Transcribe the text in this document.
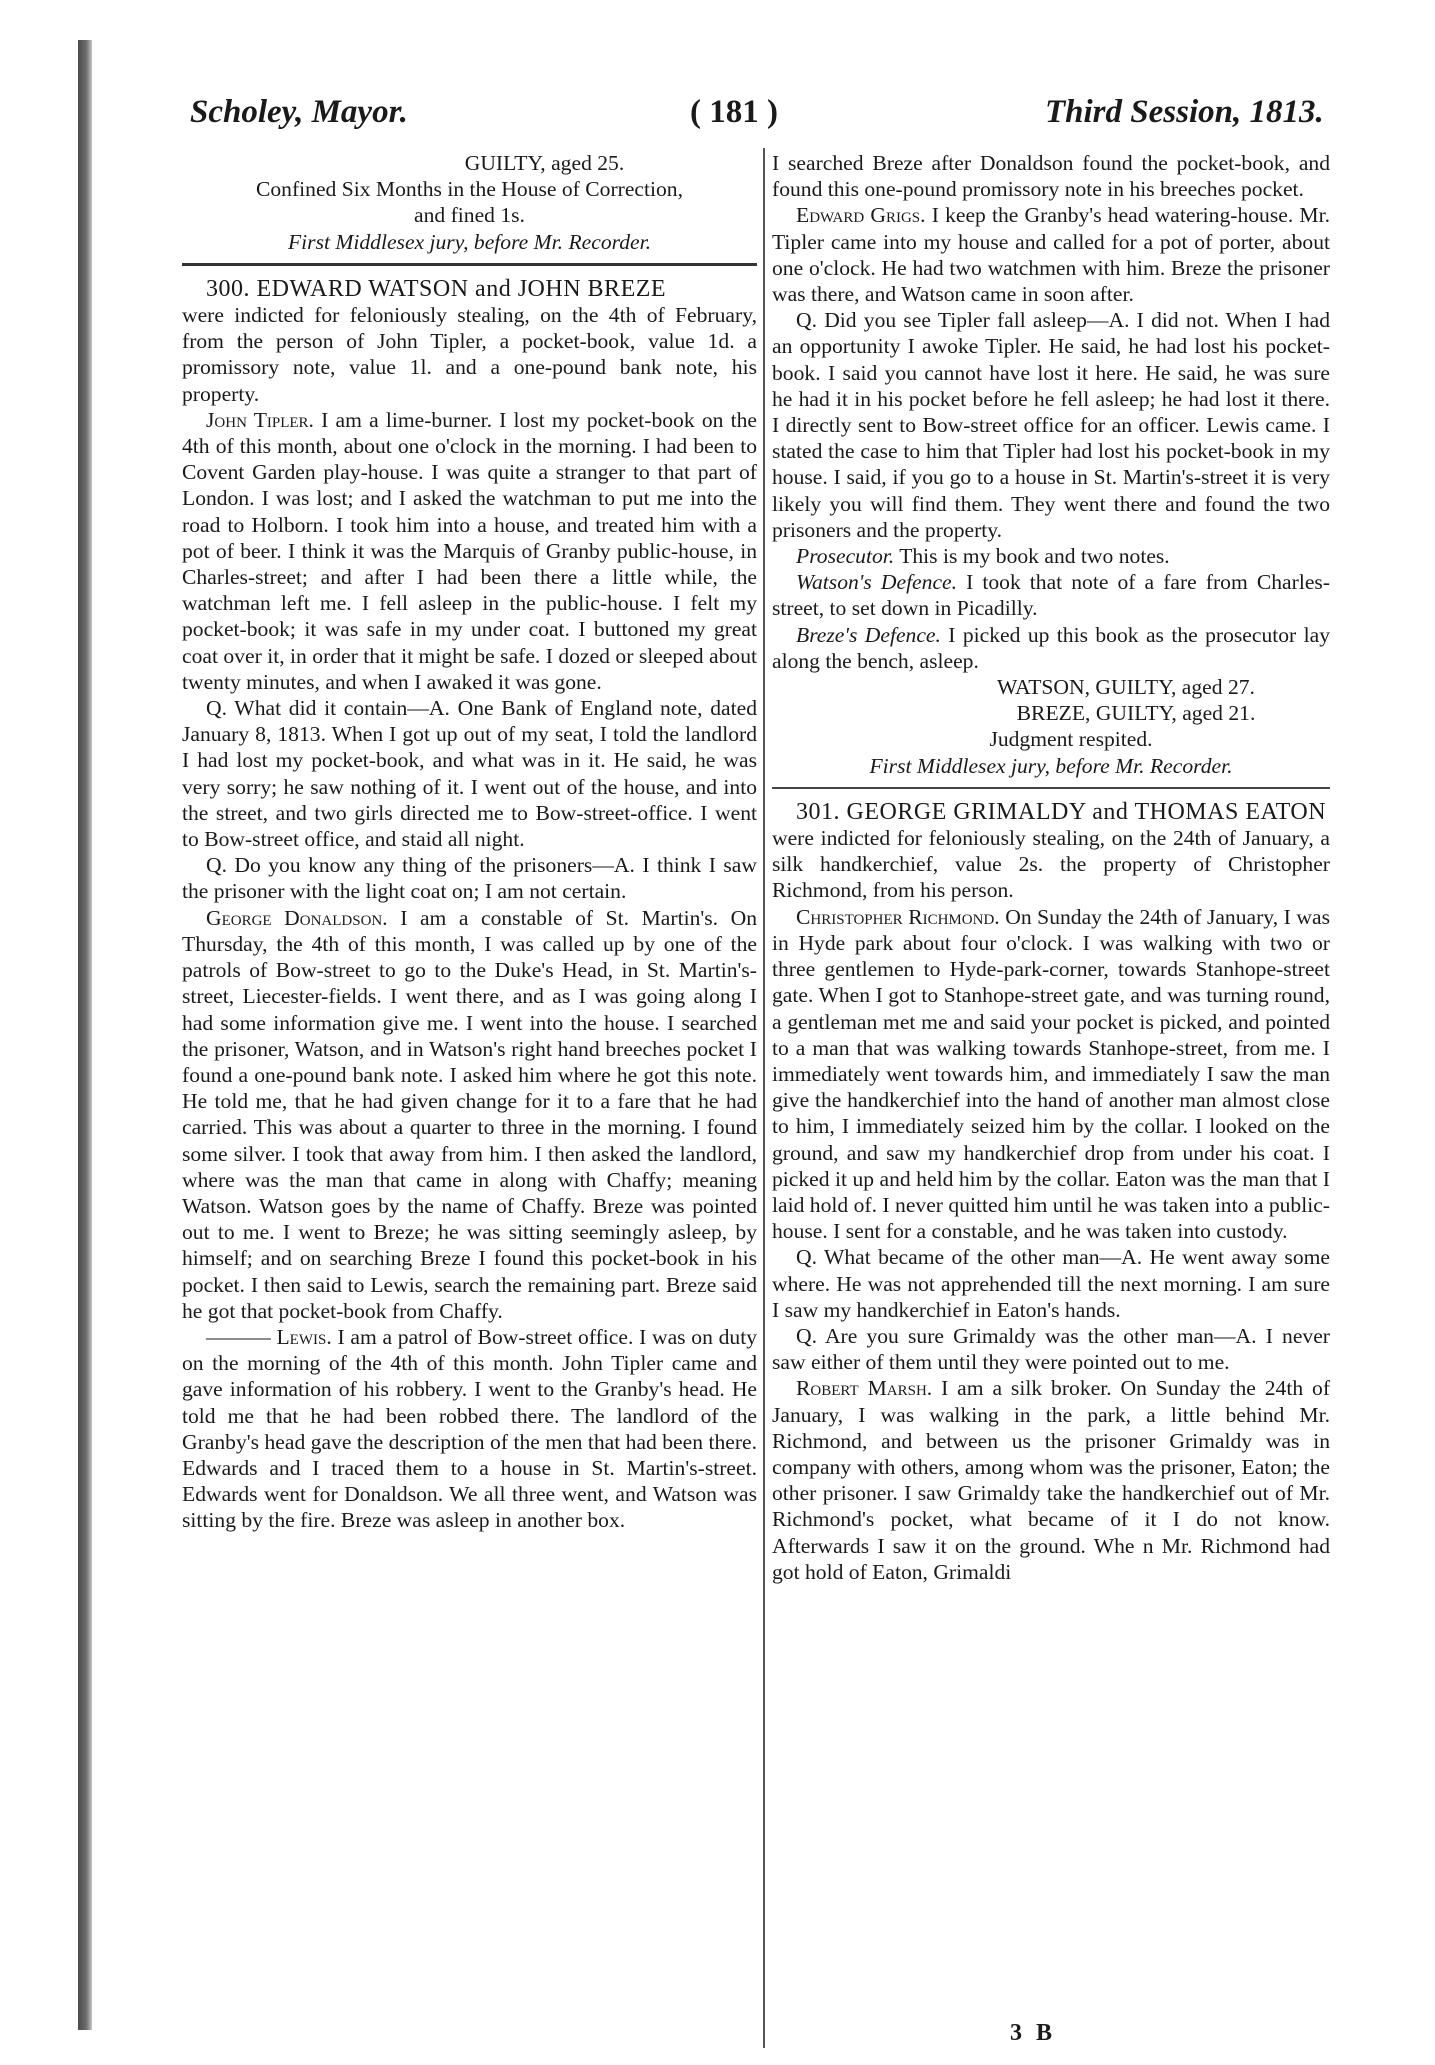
Scholey, Mayor.	( 181 )	Third Session, 1813.

GUILTY, aged 25.

Confined Six Months in the House of Correction,

and fined 1s.

First Middlesex jury, before Mr. Recorder.

300. EDWARD WATSON and JOHN BREZE

were indicted for feloniously stealing, on the 4th of February, from the person of John Tipler, a pocket-book, value 1d. a promissory note, value 1l. and a one-pound bank note, his property.

John Tipler. I am a lime-burner. I lost my pocket-book on the 4th of this month, about one o'clock in the morning. I had been to Covent Garden play-house. I was quite a stranger to that part of London. I was lost; and I asked the watchman to put me into the road to Holborn. I took him into a house, and treated him with a pot of beer. I think it was the Marquis of Granby public-house, in Charles-street; and after I had been there a little while, the watchman left me. I fell asleep in the public-house. I felt my pocket-book; it was safe in my under coat. I buttoned my great coat over it, in order that it might be safe. I dozed or sleeped about twenty minutes, and when I awaked it was gone.

Q. What did it contain—A. One Bank of England note, dated January 8, 1813. When I got up out of my seat, I told the landlord I had lost my pocket-book, and what was in it. He said, he was very sorry; he saw nothing of it. I went out of the house, and into the street, and two girls directed me to Bow-street-office. I went to Bow-street office, and staid all night.

Q. Do you know any thing of the prisoners—A. I think I saw the prisoner with the light coat on; I am not certain.

George Donaldson. I am a constable of St. Martin's. On Thursday, the 4th of this month, I was called up by one of the patrols of Bow-street to go to the Duke's Head, in St. Martin's-street, Liecester-fields. I went there, and as I was going along I had some information give me. I went into the house. I searched the prisoner, Watson, and in Watson's right hand breeches pocket I found a one-pound bank note. I asked him where he got this note. He told me, that he had given change for it to a fare that he had carried. This was about a quarter to three in the morning. I found some silver. I took that away from him. I then asked the landlord, where was the man that came in along with Chaffy; meaning Watson. Watson goes by the name of Chaffy. Breze was pointed out to me. I went to Breze; he was sitting seemingly asleep, by himself; and on searching Breze I found this pocket-book in his pocket. I then said to Lewis, search the remaining part. Breze said he got that pocket-book from Chaffy.

——— Lewis. I am a patrol of Bow-street office. I was on duty on the morning of the 4th of this month. John Tipler came and gave information of his robbery. I went to the Granby's head. He told me that he had been robbed there. The landlord of the Granby's head gave the description of the men that had been there. Edwards and I traced them to a house in St. Martin's-street. Edwards went for Donaldson. We all three went, and Watson was sitting by the fire. Breze was asleep in another box.

I searched Breze after Donaldson found the pocket-book, and found this one-pound promissory note in his breeches pocket.

Edward Grigs. I keep the Granby's head watering-house. Mr. Tipler came into my house and called for a pot of porter, about one o'clock. He had two watchmen with him. Breze the prisoner was there, and Watson came in soon after.

Q. Did you see Tipler fall asleep—A. I did not. When I had an opportunity I awoke Tipler. He said, he had lost his pocket-book. I said you cannot have lost it here. He said, he was sure he had it in his pocket before he fell asleep; he had lost it there. I directly sent to Bow-street office for an officer. Lewis came. I stated the case to him that Tipler had lost his pocket-book in my house. I said, if you go to a house in St. Martin's-street it is very likely you will find them. They went there and found the two prisoners and the property.

Prosecutor. This is my book and two notes.

Watson's Defence. I took that note of a fare from Charles-street, to set down in Picadilly.

Breze's Defence. I picked up this book as the prosecutor lay along the bench, asleep.

WATSON, GUILTY, aged 27.

BREZE, GUILTY, aged 21.

Judgment respited.

First Middlesex jury, before Mr. Recorder.

301. GEORGE GRIMALDY and THOMAS EATON

were indicted for feloniously stealing, on the 24th of January, a silk handkerchief, value 2s. the property of Christopher Richmond, from his person.

Christopher Richmond. On Sunday the 24th of January, I was in Hyde park about four o'clock. I was walking with two or three gentlemen to Hyde-park-corner, towards Stanhope-street gate. When I got to Stanhope-street gate, and was turning round, a gentleman met me and said your pocket is picked, and pointed to a man that was walking towards Stanhope-street, from me. I immediately went towards him, and immediately I saw the man give the handkerchief into the hand of another man almost close to him, I immediately seized him by the collar. I looked on the ground, and saw my handkerchief drop from under his coat. I picked it up and held him by the collar. Eaton was the man that I laid hold of. I never quitted him until he was taken into a public-house. I sent for a constable, and he was taken into custody.

Q. What became of the other man—A. He went away some where. He was not apprehended till the next morning. I am sure I saw my handkerchief in Eaton's hands.

Q. Are you sure Grimaldy was the other man—A. I never saw either of them until they were pointed out to me.

Robert Marsh. I am a silk broker. On Sunday the 24th of January, I was walking in the park, a little behind Mr. Richmond, and between us the prisoner Grimaldy was in company with others, among whom was the prisoner, Eaton; the other prisoner. I saw Grimaldy take the handkerchief out of Mr. Richmond's pocket, what became of it I do not know. Afterwards I saw it on the ground. Whe n Mr. Richmond had got hold of Eaton, Grimaldi

3 B
